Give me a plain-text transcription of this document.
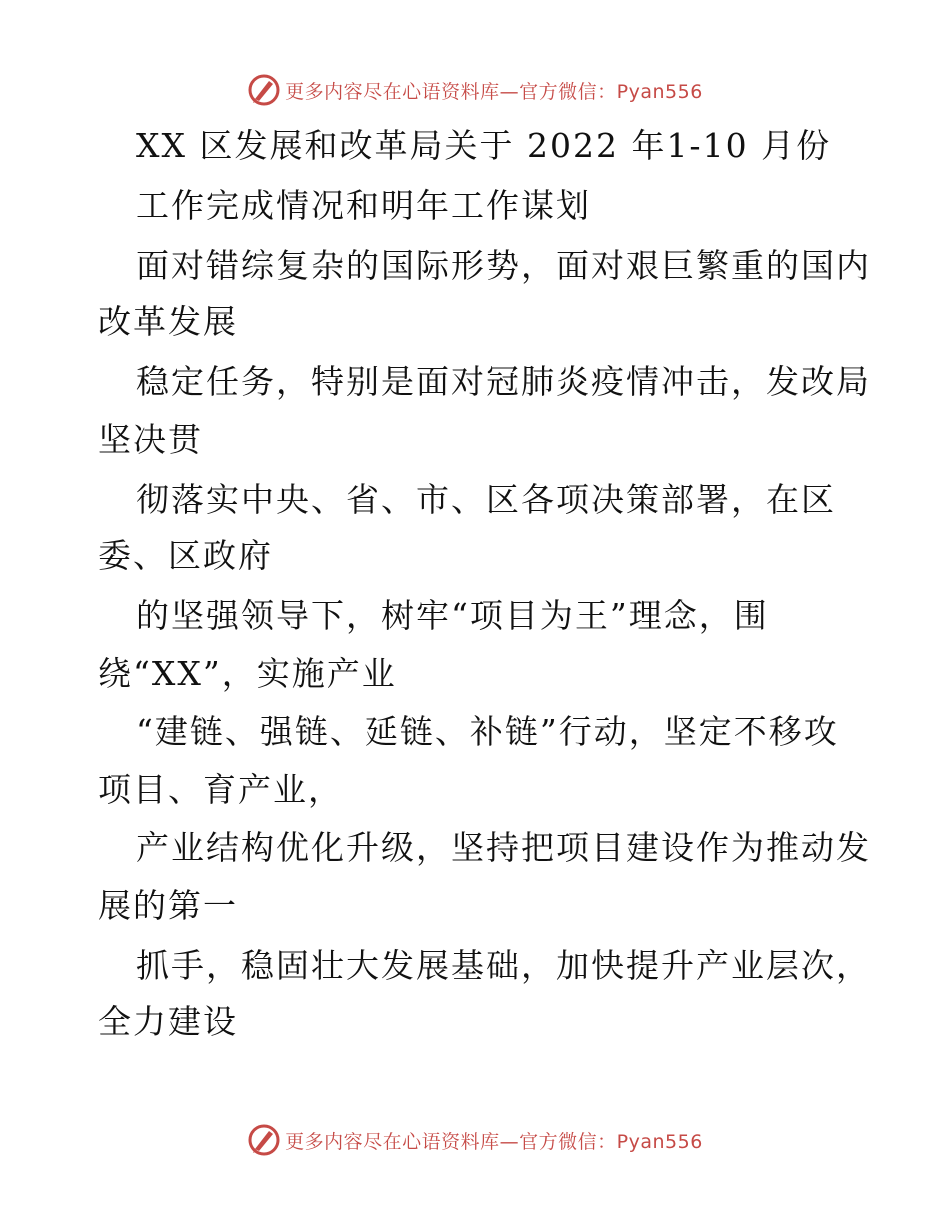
更多内容尽在心语资料库—官方微信：Pyan556
XX 区发展和改革局关于 2022 年1-10 月份
工作完成情况和明年工作谋划
面对错综复杂的国际形势，面对艰巨繁重的国内
改革发展
稳定任务，特别是面对冠肺炎疫情冲击，发改局
坚决贯
彻落实中央、省、市、区各项决策部署，在区
委、区政府
的坚强领导下，树牢“项目为王”理念，围
绕“XX”，实施产业
“建链、强链、延链、补链”行动，坚定不移攻
项目、育产业，
产业结构优化升级，坚持把项目建设作为推动发
展的第一
抓手，稳固壮大发展基础，加快提升产业层次，
全力建设
更多内容尽在心语资料库—官方微信：Pyan556
